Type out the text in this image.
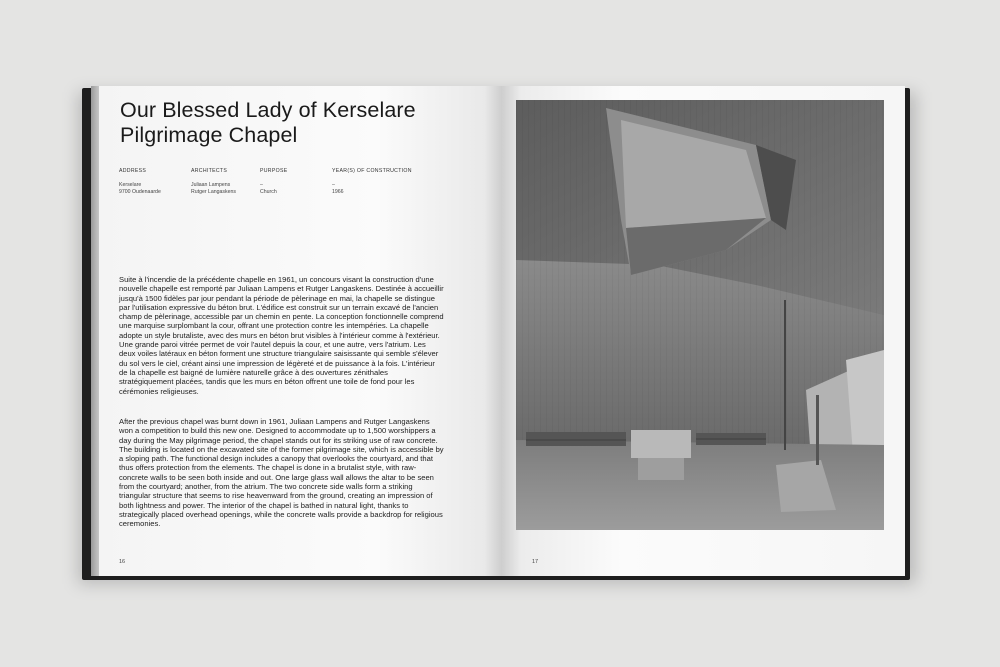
Our Blessed Lady of Kerselare
Pilgrimage Chapel
ADDRESS
Kerselare
9700 Oudenaarde
ARCHITECTS
Juliaan Lampens
Rutger Langaskens
PURPOSE
–
Church
YEAR(S) OF CONSTRUCTION
–
1966
Suite à l'incendie de la précédente chapelle en 1961, un concours visant la construction d'une nouvelle chapelle est remporté par Juliaan Lampens et Rutger Langaskens. Destinée à accueillir jusqu'à 1500 fidèles par jour pendant la période de pèlerinage en mai, la chapelle se distingue par l'utilisation expressive du béton brut. L'édifice est construit sur un terrain excavé de l'ancien champ de pèlerinage, accessible par un chemin en pente. La conception fonctionnelle comprend une marquise surplombant la cour, offrant une protection contre les intempéries. La chapelle adopte un style brutaliste, avec des murs en béton brut visibles à l'intérieur comme à l'extérieur. Une grande paroi vitrée permet de voir l'autel depuis la cour, et une autre, vers l'atrium. Les deux voiles latéraux en béton forment une structure triangulaire saisissante qui semble s'élever du sol vers le ciel, créant ainsi une impression de légèreté et de puissance à la fois. L'intérieur de la chapelle est baigné de lumière naturelle grâce à des ouvertures zénithales stratégiquement placées, tandis que les murs en béton offrent une toile de fond pour les cérémonies religieuses.
After the previous chapel was burnt down in 1961, Juliaan Lampens and Rutger Langaskens won a competition to build this new one. Designed to accommodate up to 1,500 worshippers a day during the May pilgrimage period, the chapel stands out for its striking use of raw concrete. The building is located on the excavated site of the former pilgrimage site, which is accessible by a sloping path. The functional design includes a canopy that overlooks the courtyard, and that thus offers protection from the elements. The chapel is done in a brutalist style, with raw-concrete walls to be seen both inside and out. One large glass wall allows the altar to be seen from the courtyard; another, from the atrium. The two concrete side walls form a striking triangular structure that seems to rise heavenward from the ground, creating an impression of both lightness and power. The interior of the chapel is bathed in natural light, thanks to strategically placed overhead openings, while the concrete walls provide a backdrop for religious ceremonies.
16	17
